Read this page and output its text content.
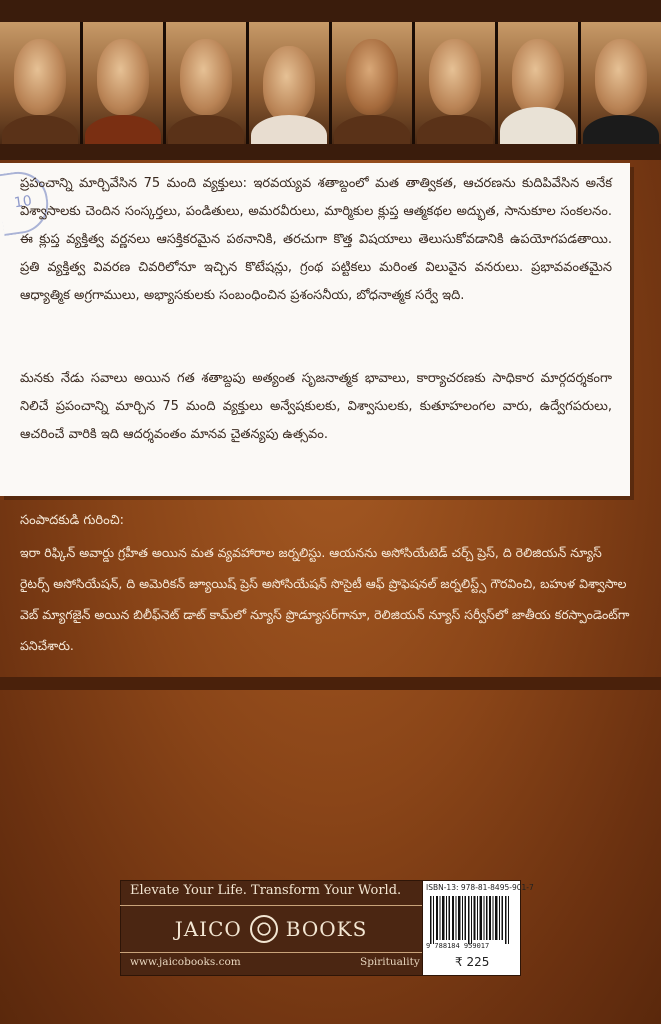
10

ప్రపంచాన్ని మార్చివేసిన 75 మంది వ్యక్తులు: ఇరవయ్యవ శతాబ్దంలో మత తాత్వికత, ఆచరణను కుదిపివేసిన అనేక విశ్వాసాలకు చెందిన సంస్కర్తలు, పండితులు, అమరవీరులు, మార్మికుల క్లుప్త ఆత్మకథల అద్భుత, సానుకూల సంకలనం. ఈ క్లుప్త వ్యక్తిత్వ వర్ణనలు ఆసక్తికరమైన పఠనానికి, తరచుగా కొత్త విషయాలు తెలుసుకోవడానికి ఉపయోగపడతాయి. ప్రతి వ్యక్తిత్వ వివరణ చివరిలోనూ ఇచ్చిన కొటేషన్లు, గ్రంథ పట్టికలు మరింత విలువైన వనరులు. ప్రభావవంతమైన ఆధ్యాత్మిక అగ్రగాములు, అభ్యాసకులకు సంబంధించిన ప్రశంసనీయ, బోధనాత్మక సర్వే ఇది.

మనకు నేడు సవాలు అయిన గత శతాబ్దపు అత్యంత సృజనాత్మక భావాలు, కార్యాచరణకు సాధికార మార్గదర్శకంగా నిలిచే ప్రపంచాన్ని మార్చిన 75 మంది వ్యక్తులు అన్వేషకులకు, విశ్వాసులకు, కుతూహలంగల వారు, ఉద్వేగపరులు, ఆచరించే వారికి ఇది ఆదర్శవంతం మానవ చైతన్యపు ఉత్సవం.

సంపాదకుడి గురించి:

ఇరా రిఫ్కిన్ అవార్డు గ్రహీత అయిన మత వ్యవహారాల జర్నలిస్టు. ఆయనను అసోసియేటెడ్ చర్చ్ ప్రెస్, ది రెలిజియన్ న్యూస్ రైటర్స్ అసోసియేషన్, ది అమెరికన్ జ్యూయిష్ ప్రెస్ అసోసియేషన్ సొసైటీ ఆఫ్ ప్రొఫెషనల్ జర్నలిస్ట్స్ గౌరవించి, బహుళ విశ్వాసాల వెబ్ మ్యాగజైన్ అయిన బిలీఫ్‌నెట్ డాట్ కామ్‌లో న్యూస్ ప్రొడ్యూసర్‌గానూ, రెలిజియన్ న్యూస్ సర్వీస్‌లో జాతీయ కరస్పాండెంట్‌గా పనిచేశారు.

Elevate Your Life. Transform Your World.

JAICO BOOKS

www.jaicobooks.com	Spirituality

ISBN-13: 978-81-8495-901-7

9 788184 959017

₹ 225
